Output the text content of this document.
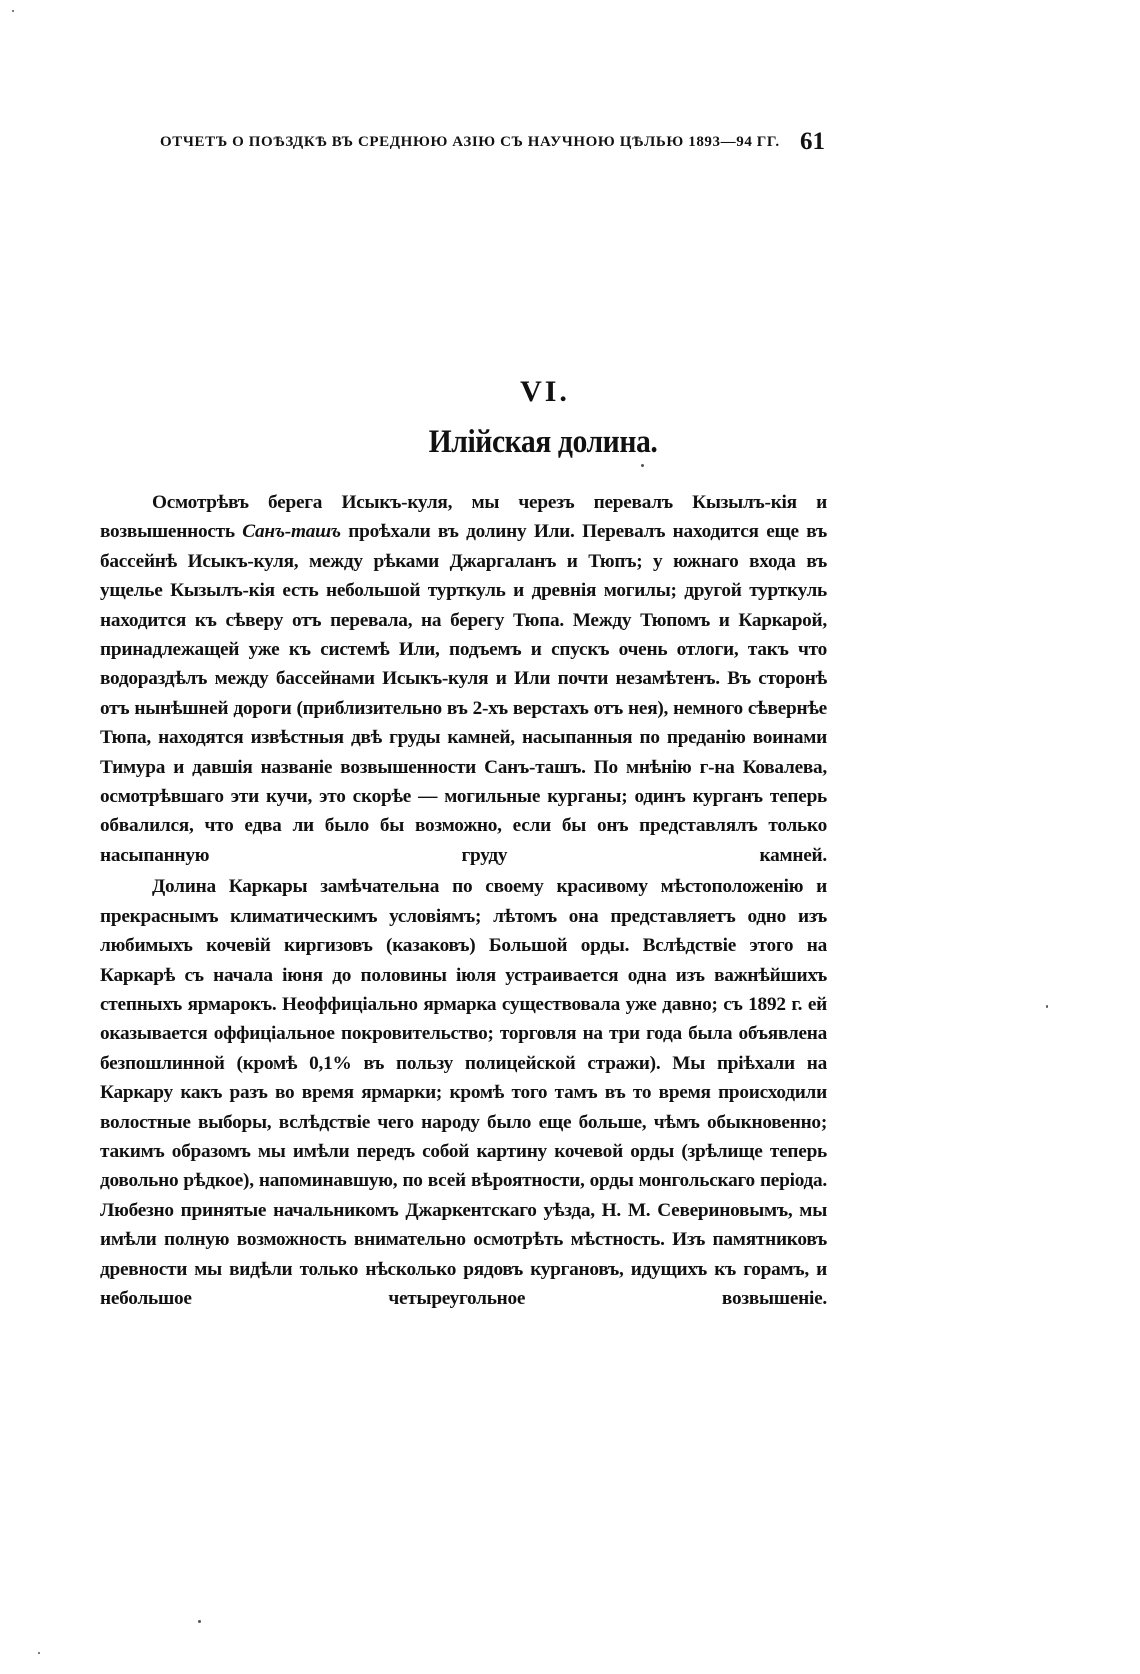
ОТЧЕТЪ О ПОѢЗДКѢ ВЪ СРЕДНЮЮ АЗІЮ СЪ НАУЧНОЮ ЦѢЛЬЮ 1893—94 ГГ. 61
VI.
Илійская долина.

Осмотрѣвъ берега Исыкъ-куля, мы черезъ перевалъ Кызылъ-кія и возвышенность Санъ-ташъ проѣхали въ долину Или. Перевалъ находится еще въ бассейнѣ Исыкъ-куля, между рѣками Джаргаланъ и Тюпъ; у южнаго входа въ ущелье Кызылъ-кія есть небольшой турткуль и древнія могилы; другой турткуль находится къ сѣверу отъ перевала, на берегу Тюпа. Между Тюпомъ и Каркарой, принадлежащей уже къ системѣ Или, подъемъ и спускъ очень отлоги, такъ что водораздѣлъ между бассейнами Исыкъ-куля и Или почти незамѣтенъ. Въ сторонѣ отъ нынѣшней дороги (приблизительно въ 2-хъ верстахъ отъ нея), немного сѣвернѣе Тюпа, находятся извѣстныя двѣ груды камней, насыпанныя по преданію воинами Тимура и давшія названіе возвышенности Санъ-ташъ. По мнѣнію г-на Ковалева, осмотрѣвшаго эти кучи, это скорѣе — могильные курганы; одинъ курганъ теперь обвалился, что едва ли было бы возможно, если бы онъ представлялъ только насыпанную груду камней.

Долина Каркары замѣчательна по своему красивому мѣстоположенію и прекраснымъ климатическимъ условіямъ; лѣтомъ она представляетъ одно изъ любимыхъ кочевій киргизовъ (казаковъ) Большой орды. Вслѣдствіе этого на Каркарѣ съ начала іюня до половины іюля устраивается одна изъ важнѣйшихъ степныхъ ярмарокъ. Неоффиціально ярмарка существовала уже давно; съ 1892 г. ей оказывается оффиціальное покровительство; торговля на три года была объявлена безпошлинной (кромѣ 0,1% въ пользу полицейской стражи). Мы пріѣхали на Каркару какъ разъ во время ярмарки; кромѣ того тамъ въ то время происходили волостные выборы, вслѣдствіе чего народу было еще больше, чѣмъ обыкновенно; такимъ образомъ мы имѣли передъ собой картину кочевой орды (зрѣлище теперь довольно рѣдкое), напоминавшую, по всей вѣроятности, орды монгольскаго періода. Любезно принятые начальникомъ Джаркентскаго уѣзда, Н. М. Севериновымъ, мы имѣли полную возможность внимательно осмотрѣть мѣстность. Изъ памятниковъ древности мы видѣли только нѣсколько рядовъ кургановъ, идущихъ къ горамъ, и небольшое четыреугольное возвышеніе.
